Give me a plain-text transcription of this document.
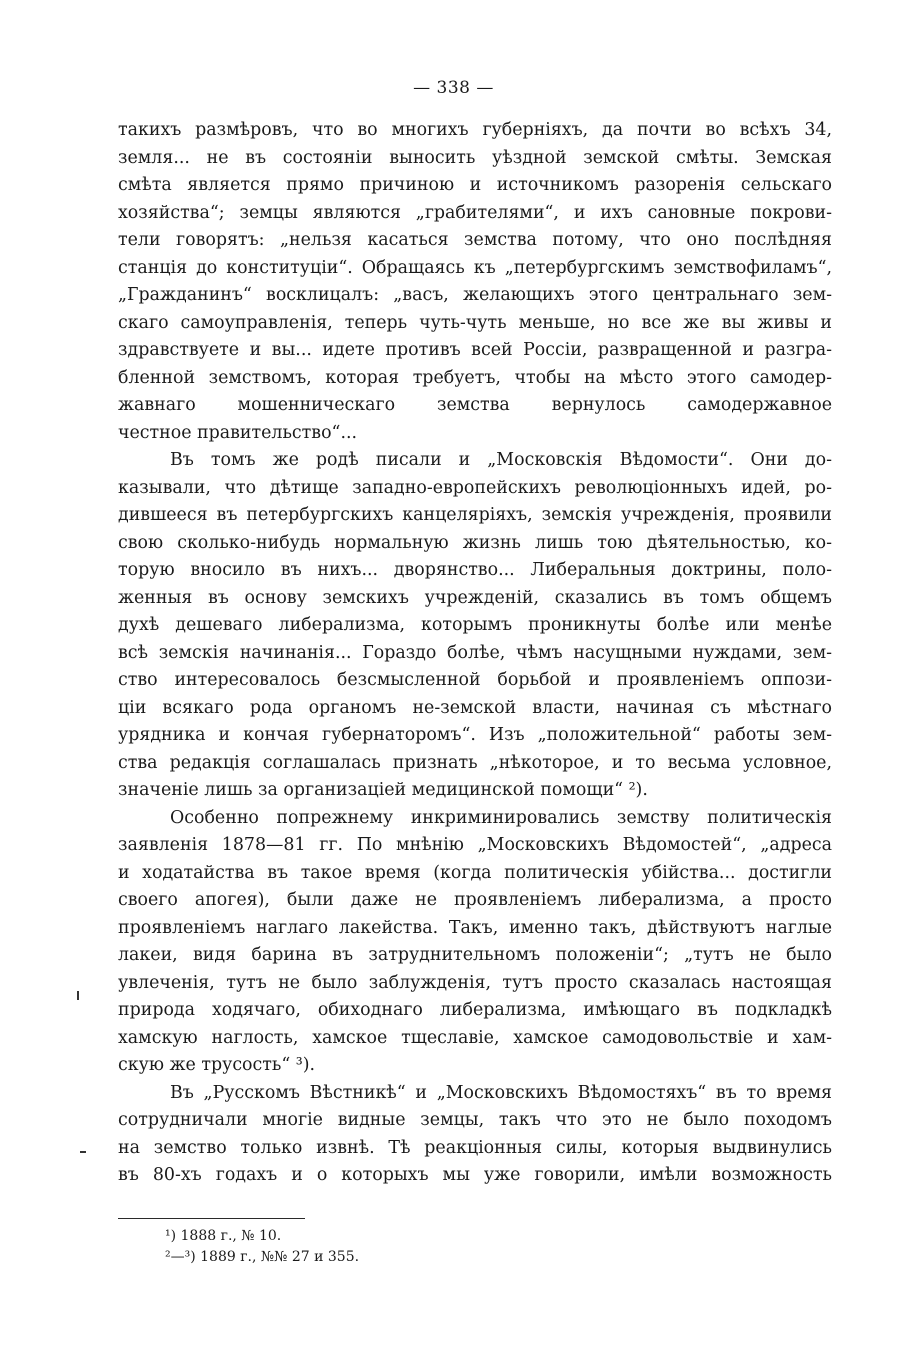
— 338 —
такихъ размѣровъ, что во многихъ губерніяхъ, да почти во всѣхъ 34,
земля... не въ состояніи выносить уѣздной земской смѣты. Земская
смѣта является прямо причиною и источникомъ разоренія сельскаго
хозяйства“; земцы являются „грабителями“, и ихъ сановные покрови-
тели говорятъ: „нельзя касаться земства потому, что оно послѣдняя
станція до конституціи“. Обращаясь къ „петербургскимъ земствофиламъ“,
„Гражданинъ“ восклицалъ: „васъ, желающихъ этого центральнаго зем-
скаго самоуправленія, теперь чуть-чуть меньше, но все же вы живы и
здравствуете и вы... идете противъ всей Россіи, развращенной и разгра-
бленной земствомъ, которая требуетъ, чтобы на мѣсто этого самодер-
жавнаго мошенническаго земства вернулось самодержавное
честное правительство“...
Въ томъ же родѣ писали и „Московскія Вѣдомости“. Они до-
казывали, что дѣтище западно-европейскихъ революціонныхъ идей, ро-
дившееся въ петербургскихъ канцеляріяхъ, земскія учрежденія, проявили
свою сколько-нибудь нормальную жизнь лишь тою дѣятельностью, ко-
торую вносило въ нихъ... дворянство... Либеральныя доктрины, поло-
женныя въ основу земскихъ учрежденій, сказались въ томъ общемъ
духѣ дешеваго либерализма, которымъ проникнуты болѣе или менѣе
всѣ земскія начинанія... Гораздо болѣе, чѣмъ насущными нуждами, зем-
ство интересовалось безсмысленной борьбой и проявленіемъ оппози-
ціи всякаго рода органомъ не-земской власти, начиная съ мѣстнаго
урядника и кончая губернаторомъ“. Изъ „положительной“ работы зем-
ства редакція соглашалась признать „нѣкоторое, и то весьма условное,
значеніе лишь за организаціей медицинской помощи“ ²).
Особенно попрежнему инкриминировались земству политическія
заявленія 1878—81 гг. По мнѣнію „Московскихъ Вѣдомостей“, „адреса
и ходатайства въ такое время (когда политическія убійства... достигли
своего апогея), были даже не проявленіемъ либерализма, а просто
проявленіемъ наглаго лакейства. Такъ, именно такъ, дѣйствуютъ наглые
лакеи, видя барина въ затруднительномъ положеніи“; „тутъ не было
увлеченія, тутъ не было заблужденія, тутъ просто сказалась настоящая
природа ходячаго, обиходнаго либерализма, имѣющаго въ подкладкѣ
хамскую наглость, хамское тщеславіе, хамское самодовольствіе и хам-
скую же трусость“ ³).
Въ „Русскомъ Вѣстникѣ“ и „Московскихъ Вѣдомостяхъ“ въ то время
сотрудничали многіе видные земцы, такъ что это не было походомъ
на земство только извнѣ. Тѣ реакціонныя силы, которыя выдвинулись
въ 80-хъ годахъ и о которыхъ мы уже говорили, имѣли возможность
¹) 1888 г., № 10.
²—³) 1889 г., №№ 27 и 355.
